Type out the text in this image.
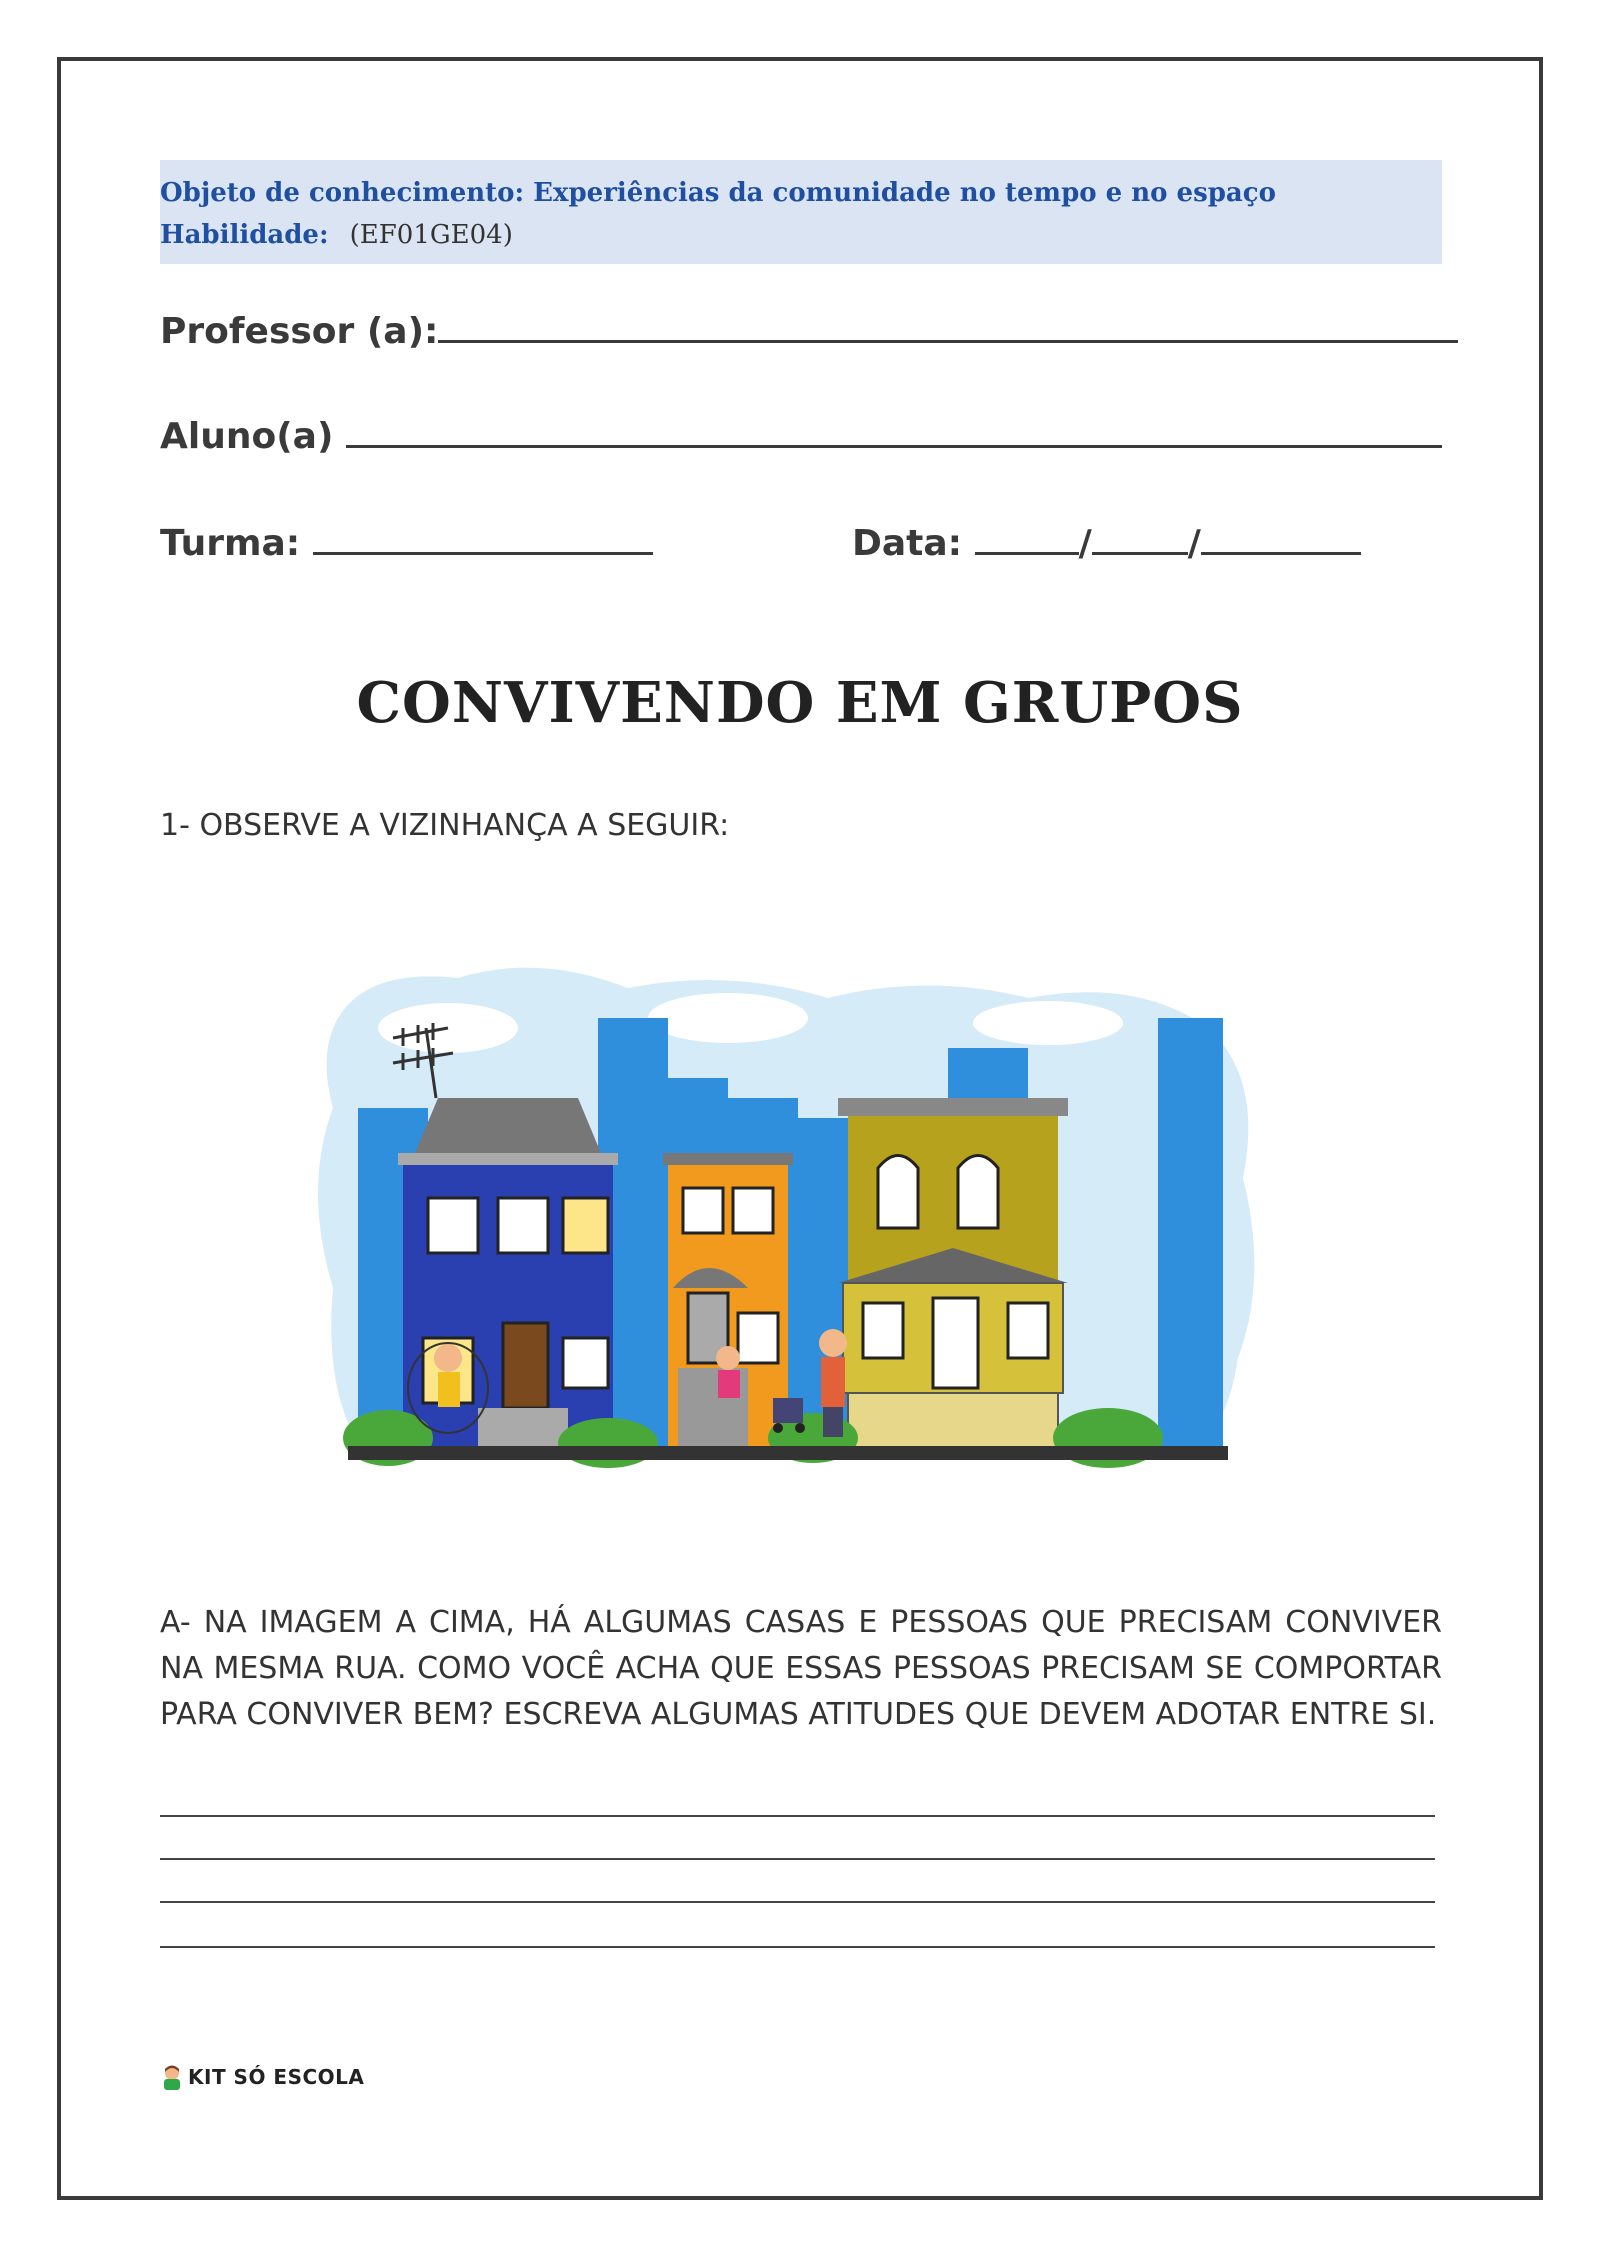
Objeto de conhecimento: Experiências da comunidade no tempo e no espaço
Habilidade: (EF01GE04)
Professor (a):
Aluno(a)
Turma:	Data:	/	/
CONVIVENDO EM GRUPOS
1- OBSERVE A VIZINHANÇA A SEGUIR:
A- NA IMAGEM A CIMA, HÁ ALGUMAS CASAS E PESSOAS QUE PRECISAM CONVIVER NA MESMA RUA. COMO VOCÊ ACHA QUE ESSAS PESSOAS PRECISAM SE COMPORTAR PARA CONVIVER BEM? ESCREVA ALGUMAS ATITUDES QUE DEVEM ADOTAR ENTRE SI.
KIT SÓ ESCOLA
